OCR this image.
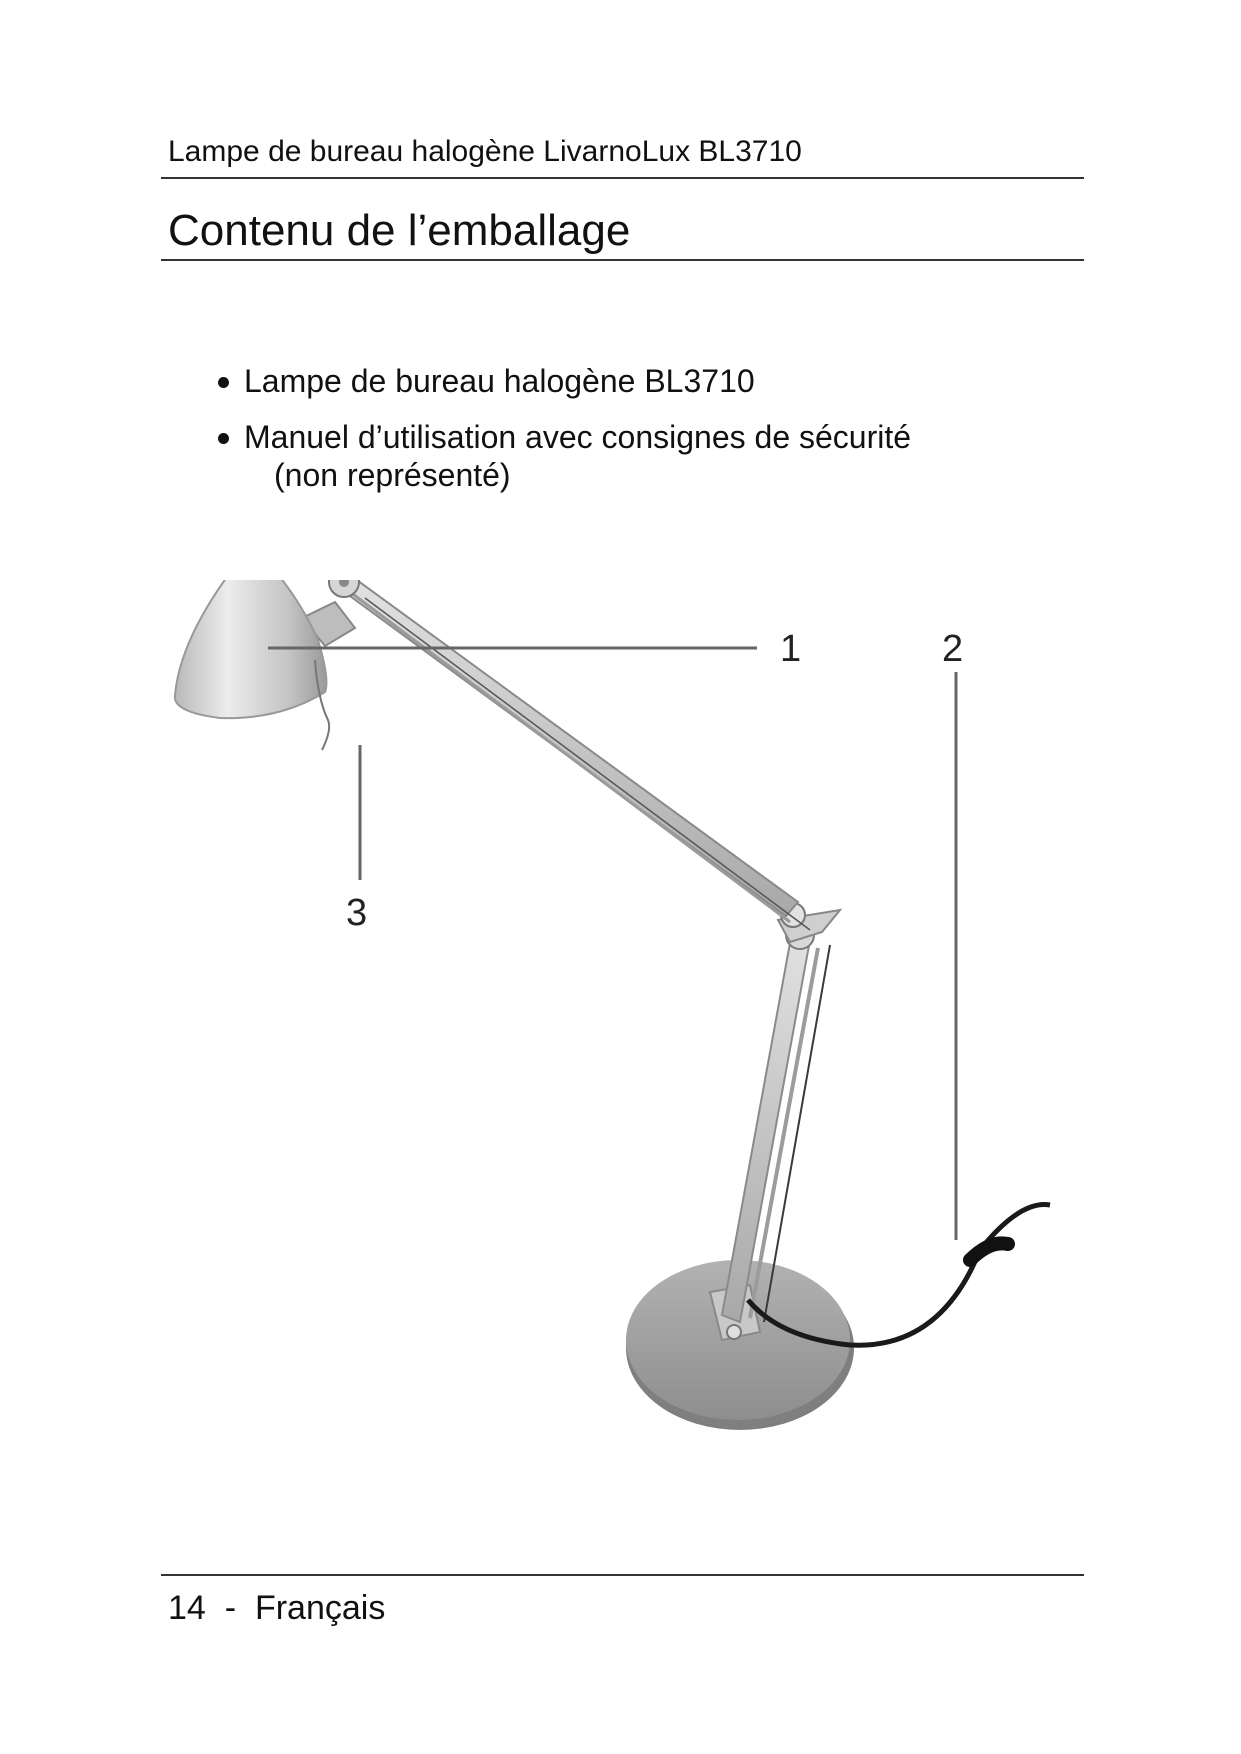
Lampe de bureau halogène LivarnoLux BL3710
Contenu de l’emballage
Lampe de bureau halogène BL3710
Manuel d’utilisation avec consignes de sécurité
(non représenté)
1	2
3
14 - Français
